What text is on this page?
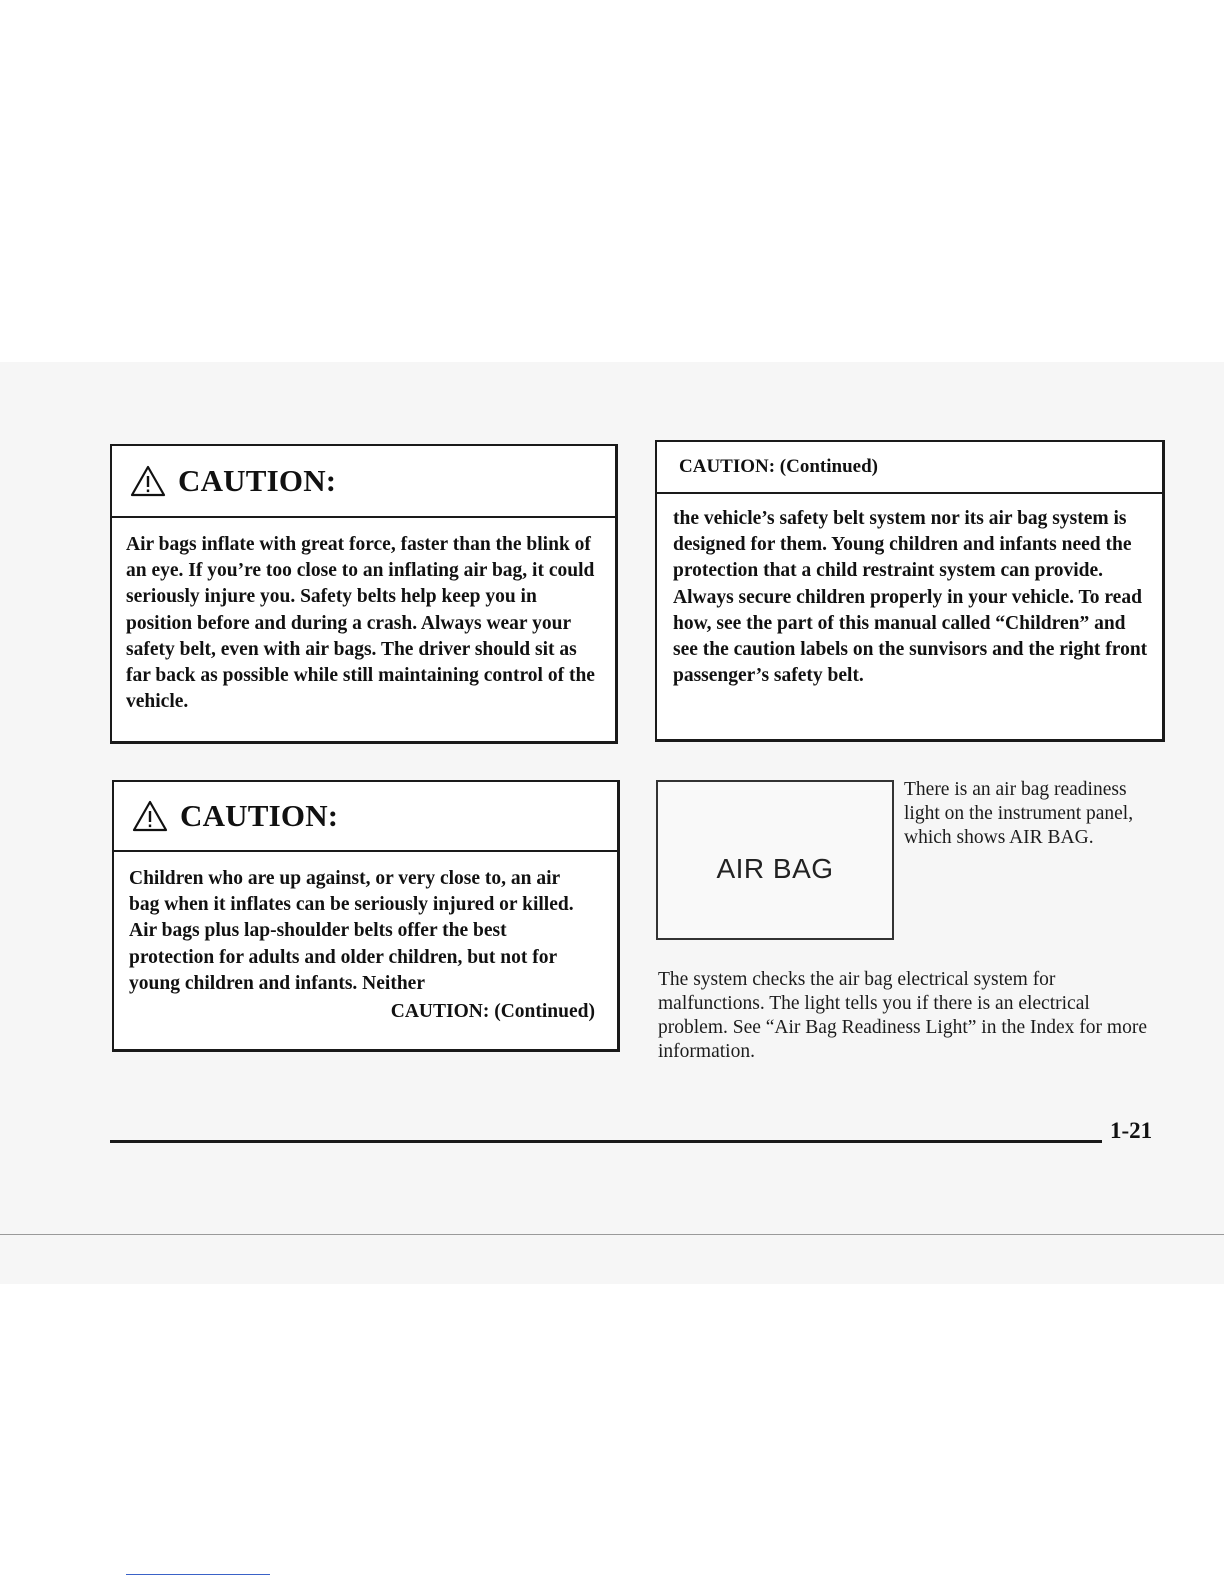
CAUTION:
Air bags inflate with great force, faster than the blink of an eye. If you’re too close to an inflating air bag, it could seriously injure you. Safety belts help keep you in position before and during a crash. Always wear your safety belt, even with air bags. The driver should sit as far back as possible while still maintaining control of the vehicle.
CAUTION:
Children who are up against, or very close to, an air bag when it inflates can be seriously injured or killed. Air bags plus lap-shoulder belts offer the best protection for adults and older children, but not for young children and infants. Neither
CAUTION: (Continued)
CAUTION: (Continued)
the vehicle’s safety belt system nor its air bag system is designed for them. Young children and infants need the protection that a child restraint system can provide. Always secure children properly in your vehicle. To read how, see the part of this manual called “Children” and see the caution labels on the sunvisors and the right front passenger’s safety belt.
AIR BAG
There is an air bag readiness light on the instrument panel, which shows AIR BAG.
The system checks the air bag electrical system for malfunctions. The light tells you if there is an electrical problem. See “Air Bag Readiness Light” in the Index for more information.
1-21
